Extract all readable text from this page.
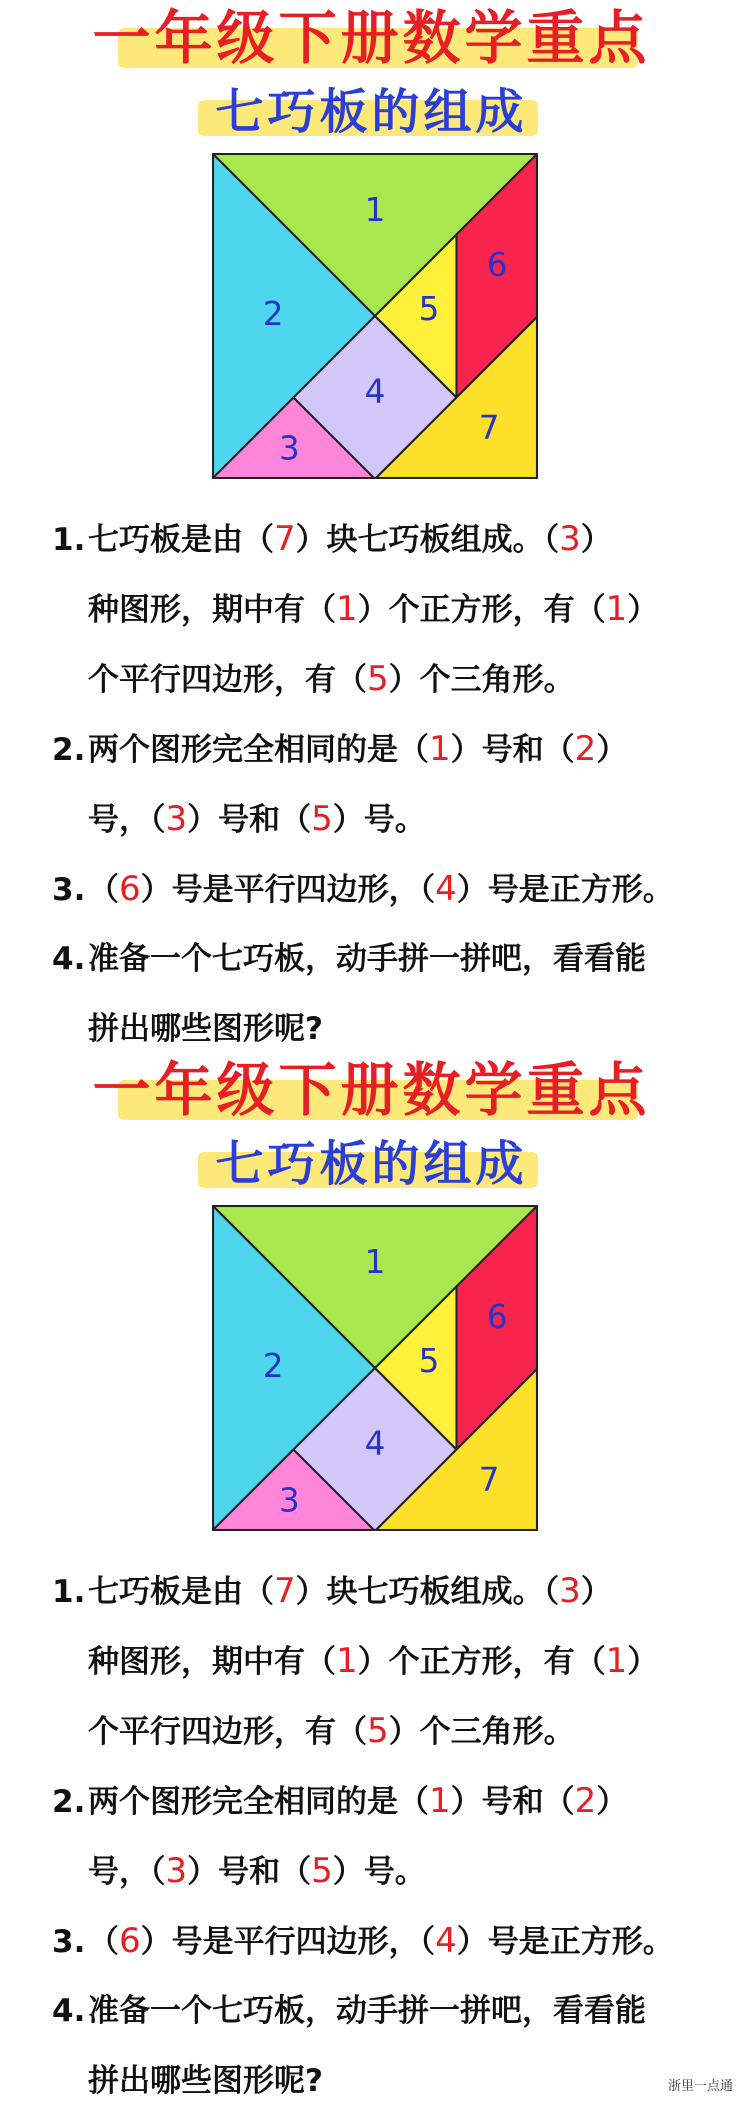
一年级下册数学重点
七巧板的组成
1
2
3
4
5
6
7
1.七巧板是由（7）块七巧板组成。（3）
种图形，期中有（1）个正方形，有（1）
个平行四边形，有（5）个三角形。
2.两个图形完全相同的是（1）号和（2）
号，（3）号和（5）号。
3.（6）号是平行四边形，（4）号是正方形。
4.准备一个七巧板，动手拼一拼吧，看看能
拼出哪些图形呢?
一年级下册数学重点
七巧板的组成
1
2
3
4
5
6
7
1.七巧板是由（7）块七巧板组成。（3）
种图形，期中有（1）个正方形，有（1）
个平行四边形，有（5）个三角形。
2.两个图形完全相同的是（1）号和（2）
号，（3）号和（5）号。
3.（6）号是平行四边形，（4）号是正方形。
4.准备一个七巧板，动手拼一拼吧，看看能
拼出哪些图形呢?	浙里一点通
